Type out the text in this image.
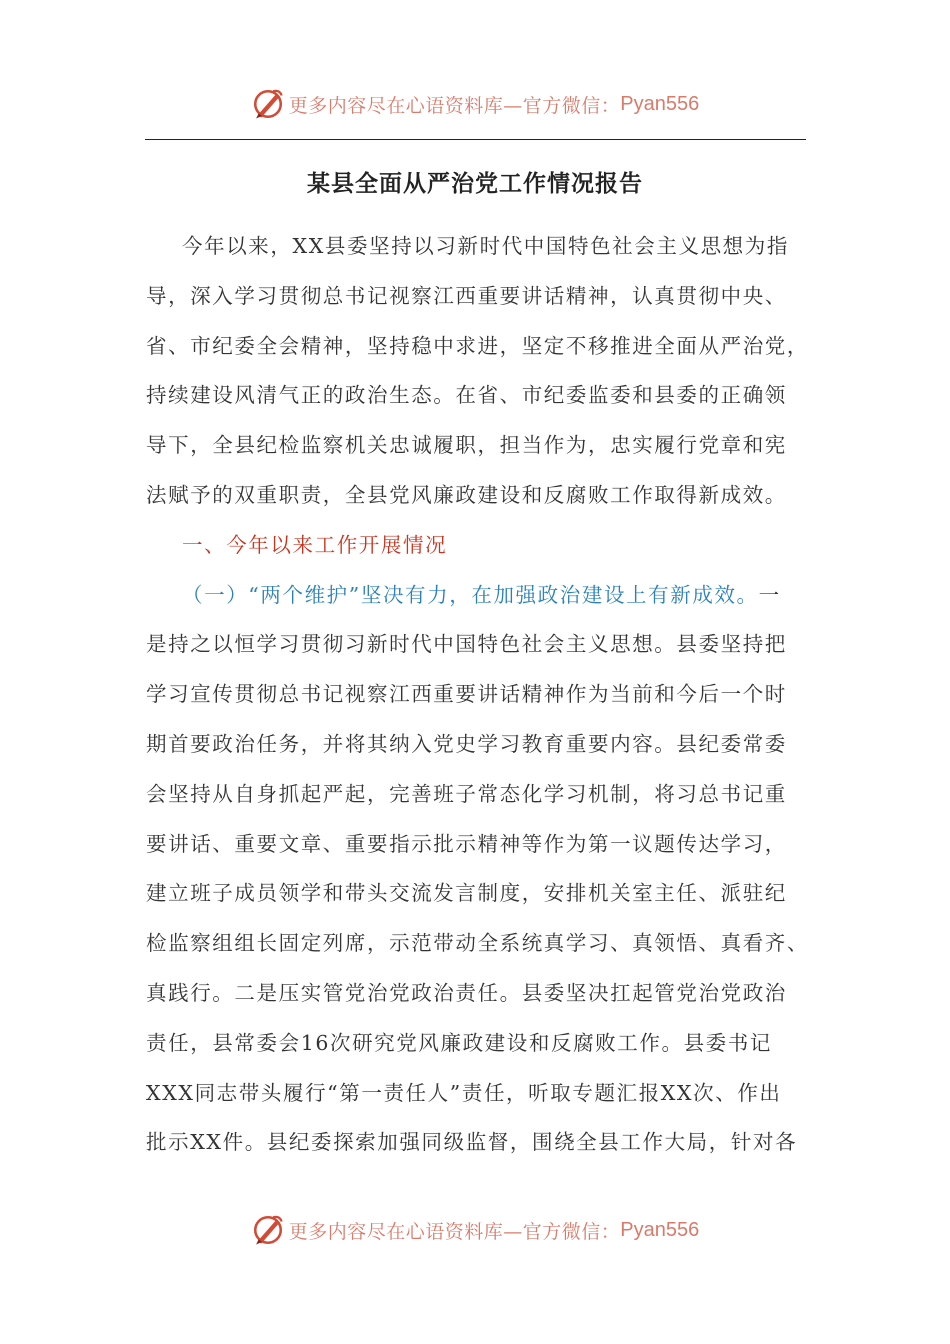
更多内容尽在心语资料库—官方微信： Pyan556
某县全面从严治党工作情况报告
今年以来，XX县委坚持以习新时代中国特色社会主义思想为指
导，深入学习贯彻总书记视察江西重要讲话精神，认真贯彻中央、
省、市纪委全会精神，坚持稳中求进，坚定不移推进全面从严治党，
持续建设风清气正的政治生态。在省、市纪委监委和县委的正确领
导下，全县纪检监察机关忠诚履职，担当作为，忠实履行党章和宪
法赋予的双重职责，全县党风廉政建设和反腐败工作取得新成效。
一、今年以来工作开展情况
（一）“两个维护”坚决有力，在加强政治建设上有新成效。一
是持之以恒学习贯彻习新时代中国特色社会主义思想。县委坚持把
学习宣传贯彻总书记视察江西重要讲话精神作为当前和今后一个时
期首要政治任务，并将其纳入党史学习教育重要内容。县纪委常委
会坚持从自身抓起严起，完善班子常态化学习机制，将习总书记重
要讲话、重要文章、重要指示批示精神等作为第一议题传达学习，
建立班子成员领学和带头交流发言制度，安排机关室主任、派驻纪
检监察组组长固定列席，示范带动全系统真学习、真领悟、真看齐、
真践行。二是压实管党治党政治责任。县委坚决扛起管党治党政治
责任，县常委会16次研究党风廉政建设和反腐败工作。县委书记
XXX同志带头履行“第一责任人”责任，听取专题汇报XX次、作出
批示XX件。县纪委探索加强同级监督，围绕全县工作大局，针对各
更多内容尽在心语资料库—官方微信： Pyan556
